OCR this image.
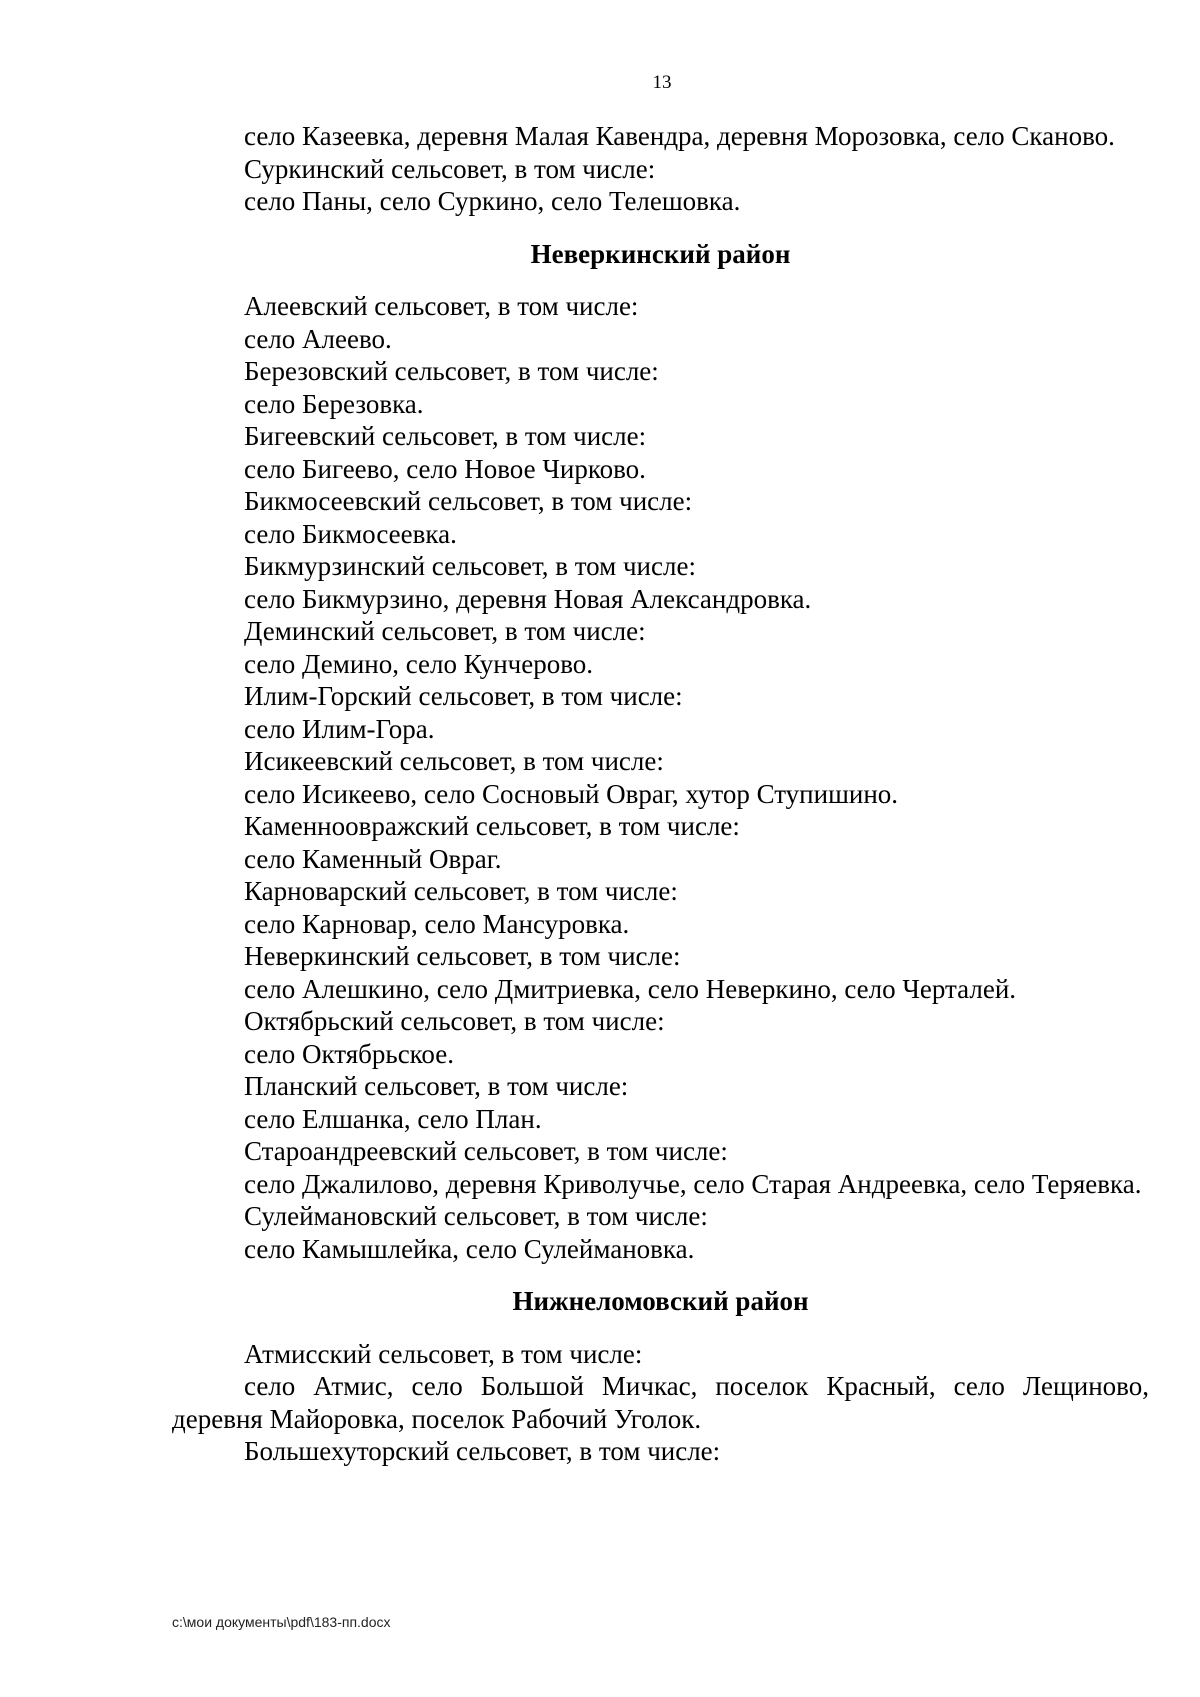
13

село Казеевка, деревня Малая Кавендра, деревня Морозовка, село Сканово.

Суркинский сельсовет, в том числе:

село Паны, село Суркино, село Телешовка.

Неверкинский район

Алеевский сельсовет, в том числе:

село Алеево.

Березовский сельсовет, в том числе:

село Березовка.

Бигеевский сельсовет, в том числе:

село Бигеево, село Новое Чирково.

Бикмосеевский сельсовет, в том числе:

село Бикмосеевка.

Бикмурзинский сельсовет, в том числе:

село Бикмурзино, деревня Новая Александровка.

Деминский сельсовет, в том числе:

село Демино, село Кунчерово.

Илим-Горский сельсовет, в том числе:

село Илим-Гора.

Исикеевский сельсовет, в том числе:

село Исикеево, село Сосновый Овраг, хутор Ступишино.

Каменноовражский сельсовет, в том числе:

село Каменный Овраг.

Карноварский сельсовет, в том числе:

село Карновар, село Мансуровка.

Неверкинский сельсовет, в том числе:

село Алешкино, село Дмитриевка, село Неверкино, село Черталей.

Октябрьский сельсовет, в том числе:

село Октябрьское.

Планский сельсовет, в том числе:

село Елшанка, село План.

Староандреевский сельсовет, в том числе:

село Джалилово, деревня Криволучье, село Старая Андреевка, село Теряевка.

Сулеймановский сельсовет, в том числе:

село Камышлейка, село Сулеймановка.

Нижнеломовский район

Атмисский сельсовет, в том числе:

село Атмис, село Большой Мичкас, поселок Красный, село Лещиново, деревня Майоровка, поселок Рабочий Уголок.

Большехуторский сельсовет, в том числе:

c:\мои документы\pdf\183-пп.docx
